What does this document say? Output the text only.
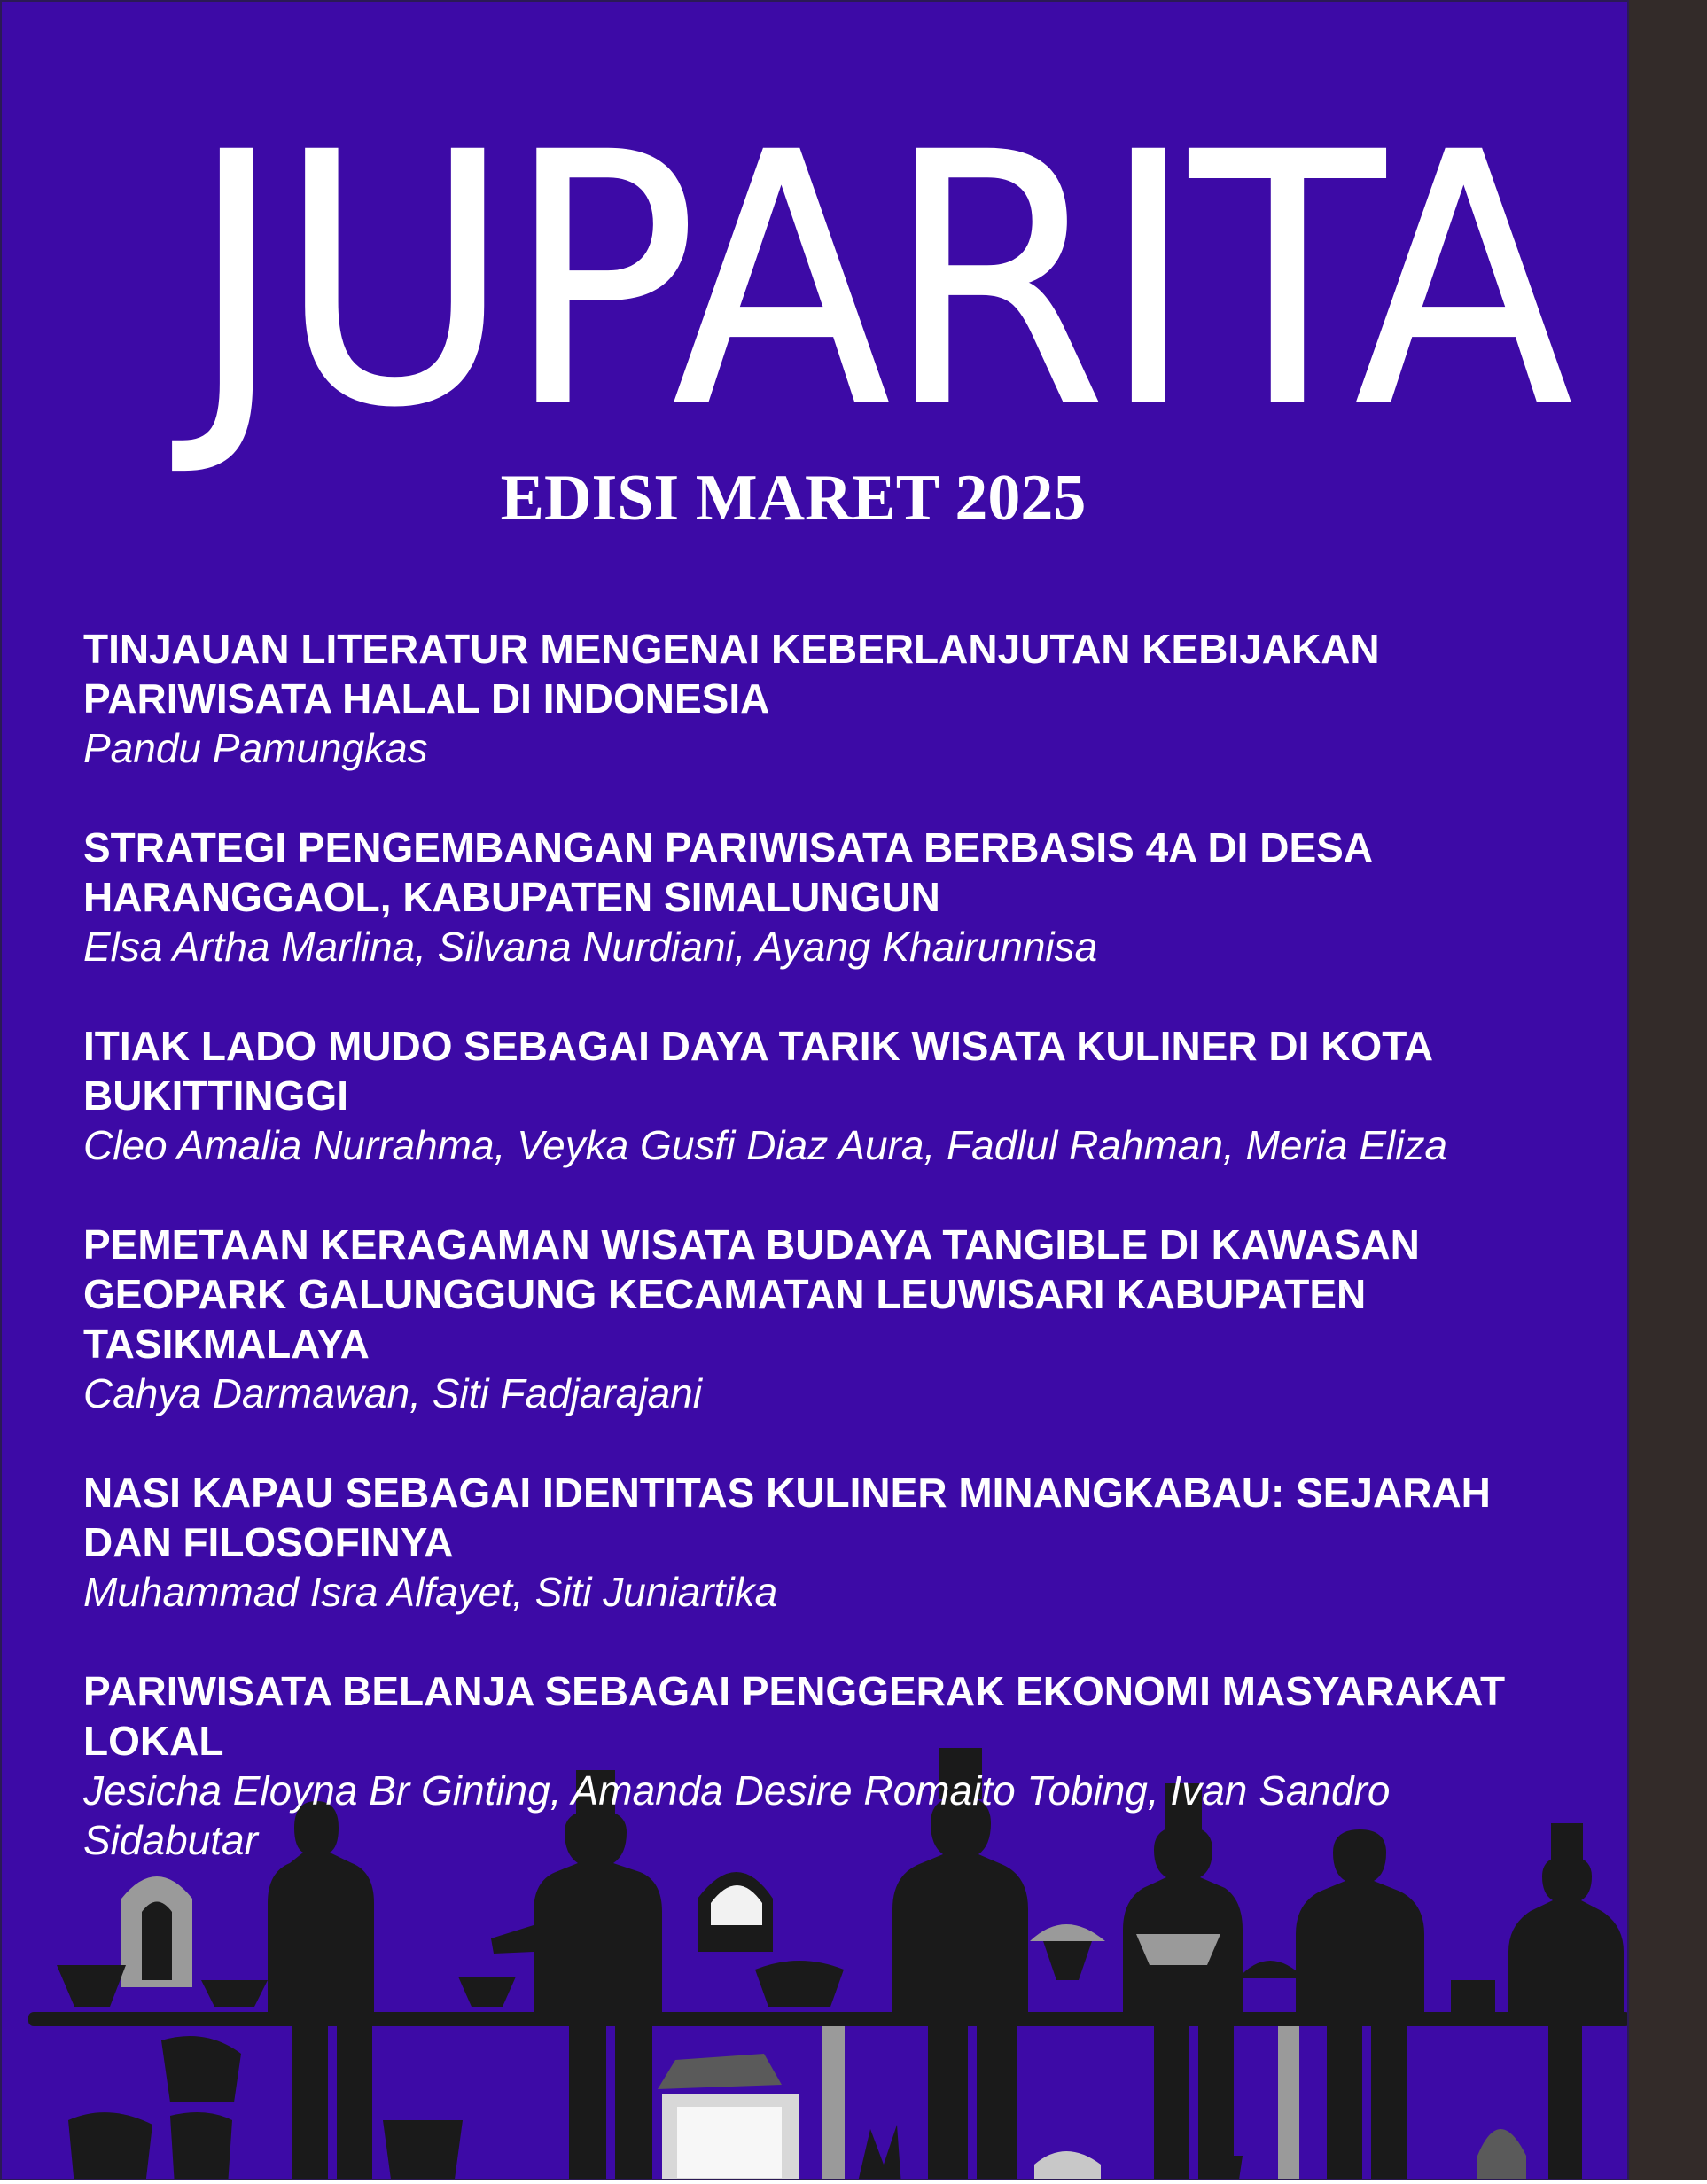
JUPARITA
EDISI MARET 2025
TINJAUAN LITERATUR MENGENAI KEBERLANJUTAN KEBIJAKAN PARIWISATA HALAL DI INDONESIA
Pandu Pamungkas
STRATEGI PENGEMBANGAN PARIWISATA BERBASIS 4A DI DESA HARANGGAOL, KABUPATEN SIMALUNGUN
Elsa Artha Marlina, Silvana Nurdiani, Ayang Khairunnisa
ITIAK LADO MUDO SEBAGAI DAYA TARIK WISATA KULINER DI KOTA BUKITTINGGI
Cleo Amalia Nurrahma, Veyka Gusfi Diaz Aura, Fadlul Rahman, Meria Eliza
PEMETAAN KERAGAMAN WISATA BUDAYA TANGIBLE DI KAWASAN GEOPARK GALUNGGUNG KECAMATAN LEUWISARI KABUPATEN TASIKMALAYA
Cahya Darmawan, Siti Fadjarajani
NASI KAPAU SEBAGAI IDENTITAS KULINER MINANGKABAU: SEJARAH DAN FILOSOFINYA
Muhammad Isra Alfayet, Siti Juniartika
PARIWISATA BELANJA SEBAGAI PENGGERAK EKONOMI MASYARAKAT LOKAL
Jesicha Eloyna Br Ginting, Amanda Desire Romaito Tobing, Ivan Sandro Sidabutar
